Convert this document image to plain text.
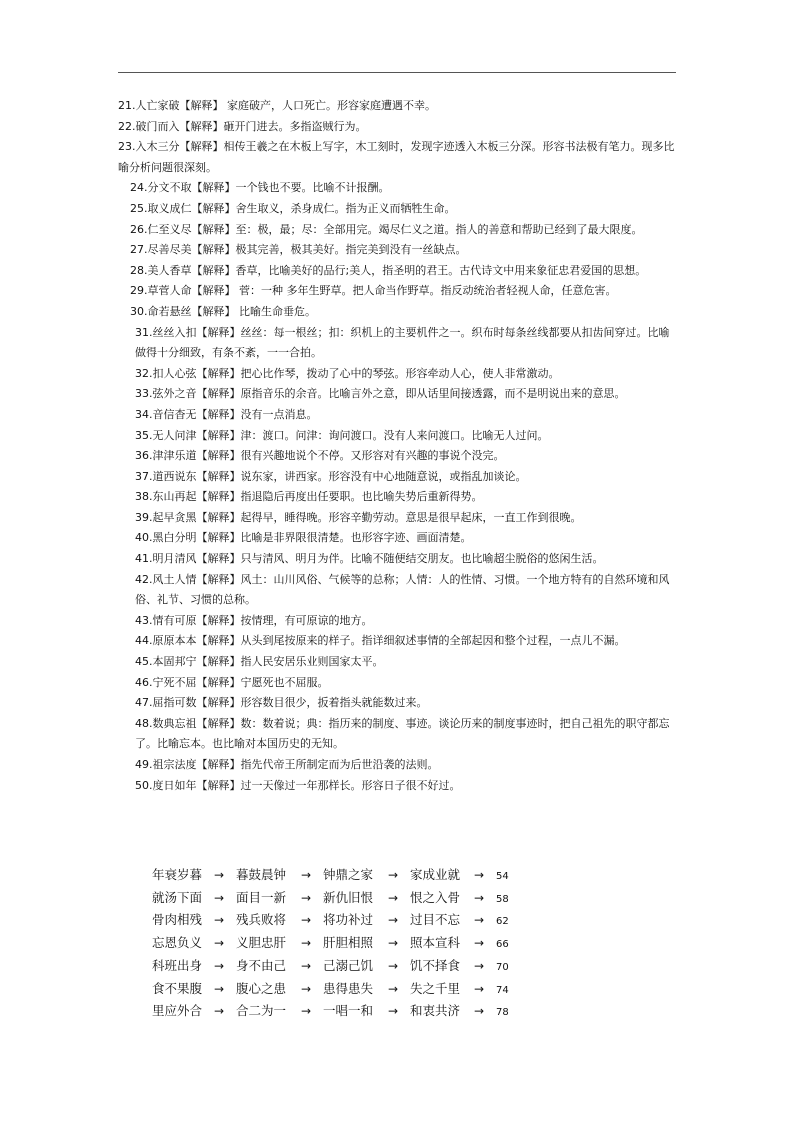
21.人亡家破【解释】 家庭破产，人口死亡。形容家庭遭遇不幸。

22.破门而入【解释】砸开门进去。多指盗贼行为。

23.入木三分【解释】相传王羲之在木板上写字，木工刻时，发现字迹透入木板三分深。形容书法极有笔力。现多比喻分析问题很深刻。

24.分文不取【解释】一个钱也不要。比喻不计报酬。

25.取义成仁【解释】舍生取义，杀身成仁。指为正义而牺牲生命。

26.仁至义尽【解释】至：极，最；尽：全部用完。竭尽仁义之道。指人的善意和帮助已经到了最大限度。

27.尽善尽美【解释】极其完善，极其美好。指完美到没有一丝缺点。

28.美人香草【解释】香草，比喻美好的品行;美人，指圣明的君王。古代诗文中用来象征忠君爱国的思想。

29.草菅人命【解释】 菅：一种 多年生野草。把人命当作野草。指反动统治者轻视人命，任意危害。

30.命若悬丝【解释】 比喻生命垂危。

31.丝丝入扣【解释】丝丝：每一根丝；扣：织机上的主要机件之一。织布时每条丝线都要从扣齿间穿过。比喻做得十分细致，有条不紊，一一合拍。

32.扣人心弦【解释】把心比作琴，拨动了心中的琴弦。形容牵动人心，使人非常激动。

33.弦外之音【解释】原指音乐的余音。比喻言外之意，即从话里间接透露，而不是明说出来的意思。

34.音信杳无【解释】没有一点消息。

35.无人问津【解释】津：渡口。问津：询问渡口。没有人来问渡口。比喻无人过问。

36.津津乐道【解释】很有兴趣地说个不停。又形容对有兴趣的事说个没完。

37.道西说东【解释】说东家，讲西家。形容没有中心地随意说，或指乱加谈论。

38.东山再起【解释】指退隐后再度出任要职。也比喻失势后重新得势。

39.起早贪黑【解释】起得早，睡得晚。形容辛勤劳动。意思是很早起床，一直工作到很晚。

40.黑白分明【解释】比喻是非界限很清楚。也形容字迹、画面清楚。

41.明月清风【解释】只与清风、明月为伴。比喻不随便结交朋友。也比喻超尘脱俗的悠闲生活。

42.风土人情【解释】风土：山川风俗、气候等的总称；人情：人的性情、习惯。一个地方特有的自然环境和风俗、礼节、习惯的总称。

43.情有可原【解释】按情理，有可原谅的地方。

44.原原本本【解释】从头到尾按原来的样子。指详细叙述事情的全部起因和整个过程，一点儿不漏。

45.本固邦宁【解释】指人民安居乐业则国家太平。

46.宁死不屈【解释】宁愿死也不屈服。

47.屈指可数【解释】形容数目很少，扳着指头就能数过来。

48.数典忘祖【解释】数：数着说；典：指历来的制度、事迹。谈论历来的制度事迹时，把自己祖先的职守都忘了。比喻忘本。也比喻对本国历史的无知。

49.祖宗法度【解释】指先代帝王所制定而为后世沿袭的法则。

50.度日如年【解释】过一天像过一年那样长。形容日子很不好过。

年衰岁暮 → 暮鼓晨钟 → 钟鼎之家 → 家成业就 → 54
就汤下面 → 面目一新 → 新仇旧恨 → 恨之入骨 → 58
骨肉相残 → 残兵败将 → 将功补过 → 过目不忘 → 62
忘恩负义 → 义胆忠肝 → 肝胆相照 → 照本宣科 → 66
科班出身 → 身不由己 → 己溺己饥 → 饥不择食 → 70
食不果腹 → 腹心之患 → 患得患失 → 失之千里 → 74
里应外合 → 合二为一 → 一唱一和 → 和衷共济 → 78
